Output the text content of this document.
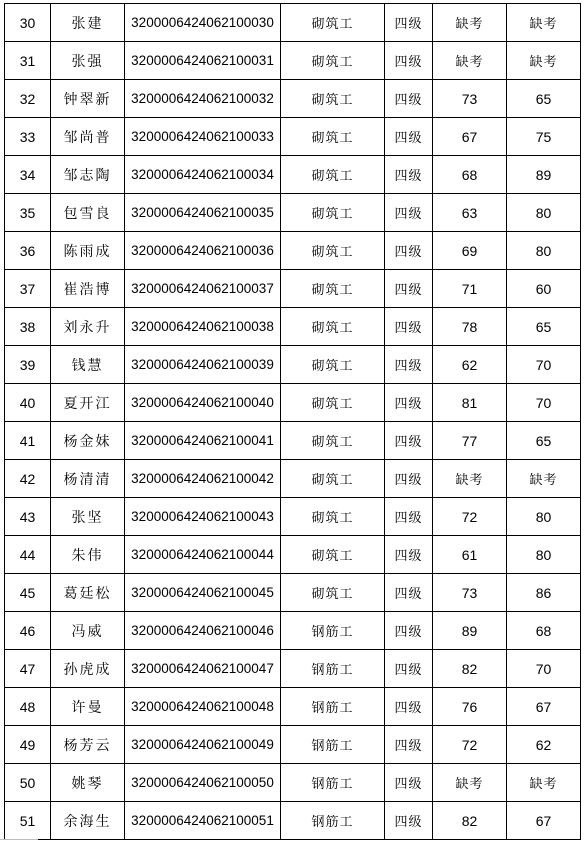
30	张建	3200006424062100030	砌筑工	四级	缺考	缺考
31	张强	3200006424062100031	砌筑工	四级	缺考	缺考
32	钟翠新	3200006424062100032	砌筑工	四级	73	65
33	邹尚普	3200006424062100033	砌筑工	四级	67	75
34	邹志陶	3200006424062100034	砌筑工	四级	68	89
35	包雪良	3200006424062100035	砌筑工	四级	63	80
36	陈雨成	3200006424062100036	砌筑工	四级	69	80
37	崔浩博	3200006424062100037	砌筑工	四级	71	60
38	刘永升	3200006424062100038	砌筑工	四级	78	65
39	钱慧	3200006424062100039	砌筑工	四级	62	70
40	夏开江	3200006424062100040	砌筑工	四级	81	70
41	杨金妹	3200006424062100041	砌筑工	四级	77	65
42	杨清清	3200006424062100042	砌筑工	四级	缺考	缺考
43	张坚	3200006424062100043	砌筑工	四级	72	80
44	朱伟	3200006424062100044	砌筑工	四级	61	80
45	葛廷松	3200006424062100045	砌筑工	四级	73	86
46	冯威	3200006424062100046	钢筋工	四级	89	68
47	孙虎成	3200006424062100047	钢筋工	四级	82	70
48	许曼	3200006424062100048	钢筋工	四级	76	67
49	杨芳云	3200006424062100049	钢筋工	四级	72	62
50	姚琴	3200006424062100050	钢筋工	四级	缺考	缺考
51	余海生	3200006424062100051	钢筋工	四级	82	67
